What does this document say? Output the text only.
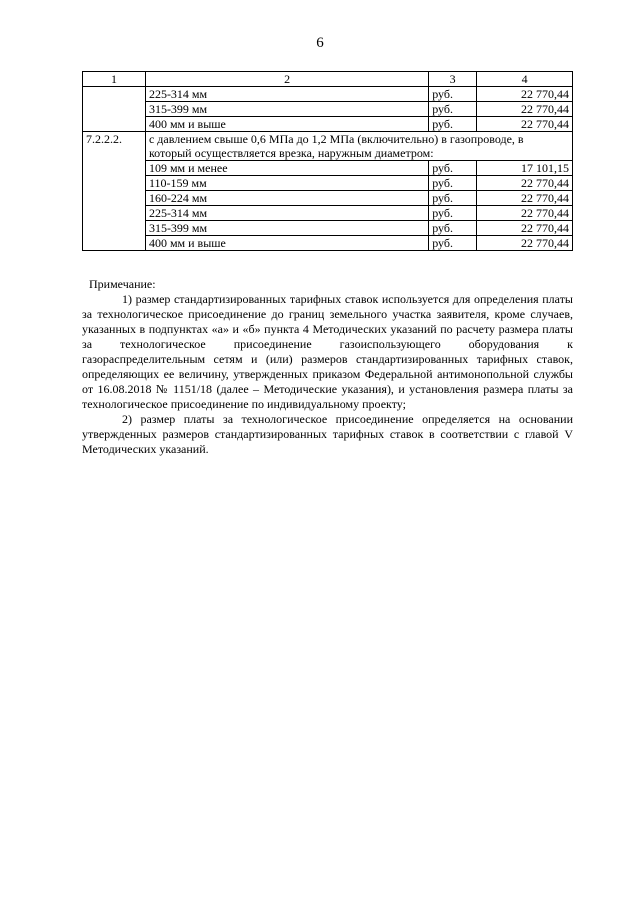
6
1	2	3	4
	225-314 мм	руб.	22 770,44
	315-399 мм	руб.	22 770,44
	400 мм и выше	руб.	22 770,44
7.2.2.2.	с давлением свыше 0,6 МПа до 1,2 МПа (включительно) в газопроводе, в который осуществляется врезка, наружным диаметром:		
	109 мм и менее	руб.	17 101,15
	110-159 мм	руб.	22 770,44
	160-224 мм	руб.	22 770,44
	225-314 мм	руб.	22 770,44
	315-399 мм	руб.	22 770,44
	400 мм и выше	руб.	22 770,44

Примечание:

1) размер стандартизированных тарифных ставок используется для определения платы за технологическое присоединение до границ земельного участка заявителя, кроме случаев, указанных в подпунктах «а» и «б» пункта 4 Методических указаний по расчету размера платы за технологическое присоединение газоиспользующего оборудования к газораспределительным сетям и (или) размеров стандартизированных тарифных ставок, определяющих ее величину, утвержденных приказом Федеральной антимонопольной службы от 16.08.2018 № 1151/18 (далее – Методические указания), и установления размера платы за технологическое присоединение по индивидуальному проекту;

2) размер платы за технологическое присоединение определяется на основании утвержденных размеров стандартизированных тарифных ставок в соответствии с главой V Методических указаний.
